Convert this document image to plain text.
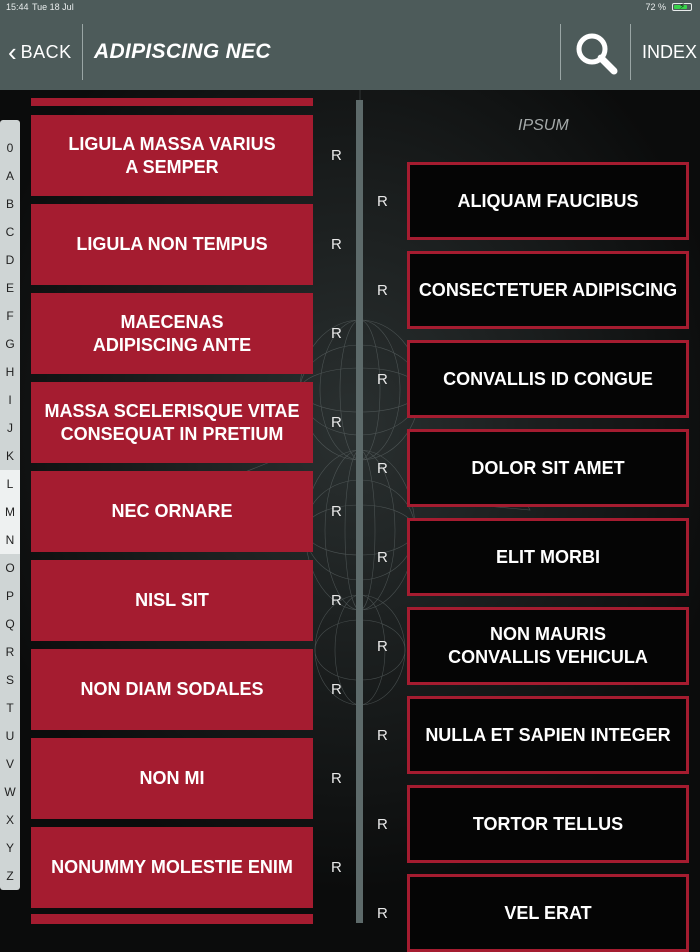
15:44 Tue 18 Jul	72 % ⚡
‹ BACK ADIPISCING NEC	INDEX
0
A
B
C
D
E
F
G
H
I
J
K
L
M
N
O
P
Q
R
S
T
U
V
W
X
Y
Z
LIGULA MASSA VARIUS
A SEMPER
R
LIGULA NON TEMPUS	R
MAECENAS
ADIPISCING ANTE
R
MASSA SCELERISQUE VITAE
CONSEQUAT IN PRETIUM
R
NEC ORNARE	R
NISL SIT	R
NON DIAM SODALES	R
NON MI	R
NONUMMY MOLESTIE ENIM	R
IPSUM
ALIQUAM FAUCIBUS
R
CONSECTETUER ADIPISCING
R
CONVALLIS ID CONGUE
R
DOLOR SIT AMET
R
ELIT MORBI
R
NON MAURIS
CONVALLIS VEHICULA
R
NULLA ET SAPIEN INTEGER
R
TORTOR TELLUS
R
VEL ERAT
R
